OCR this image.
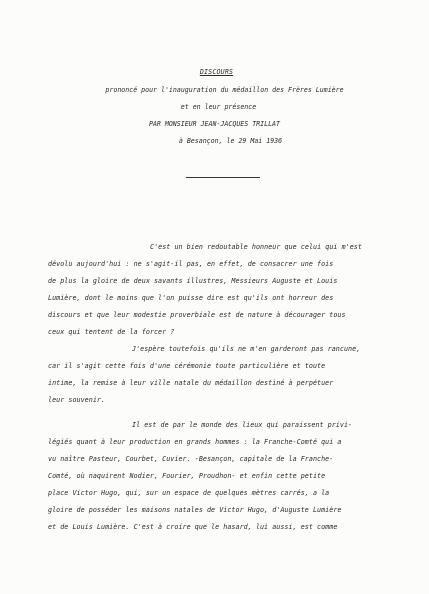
DISCOURS
prononcé pour l'inauguration du médaillon des Frères Lumière
et en leur présence
PAR MONSIEUR JEAN-JACQUES TRILLAT
à Besançon, le 29 Mai 1936
C'est un bien redoutable honneur que celui qui m'est
dévolu aujourd'hui : ne s'agit-il pas, en effet, de consacrer une fois
de plus la gloire de deux savants illustres, Messieurs Auguste et Louis
Lumière, dont le moins que l'on puisse dire est qu'ils ont horreur des
discours et que leur modestie proverbiale est de nature à décourager tous
ceux qui tentent de la forcer ?
J'espère toutefois qu'ils ne m'en garderont pas rancune,
car il s'agit cette fois d'une cérémonie toute particulière et toute
intime, la remise à leur ville natale du médaillon destiné à perpétuer
leur souvenir.
Il est de par le monde des lieux qui paraissent privi-
légiés quant à leur production en grands hommes : la Franche-Comté qui a
vu naître Pasteur, Courbet, Cuvier. -Besançon, capitale de la Franche-
Comté, où naquirent Nodier, Fourier, Proudhon- et enfin cette petite
place Victor Hugo, qui, sur un espace de quelques mètres carrés, a la
gloire de posséder les maisons natales de Victor Hugo, d'Auguste Lumière
et de Louis Lumière. C'est à croire que le hasard, lui aussi, est comme
